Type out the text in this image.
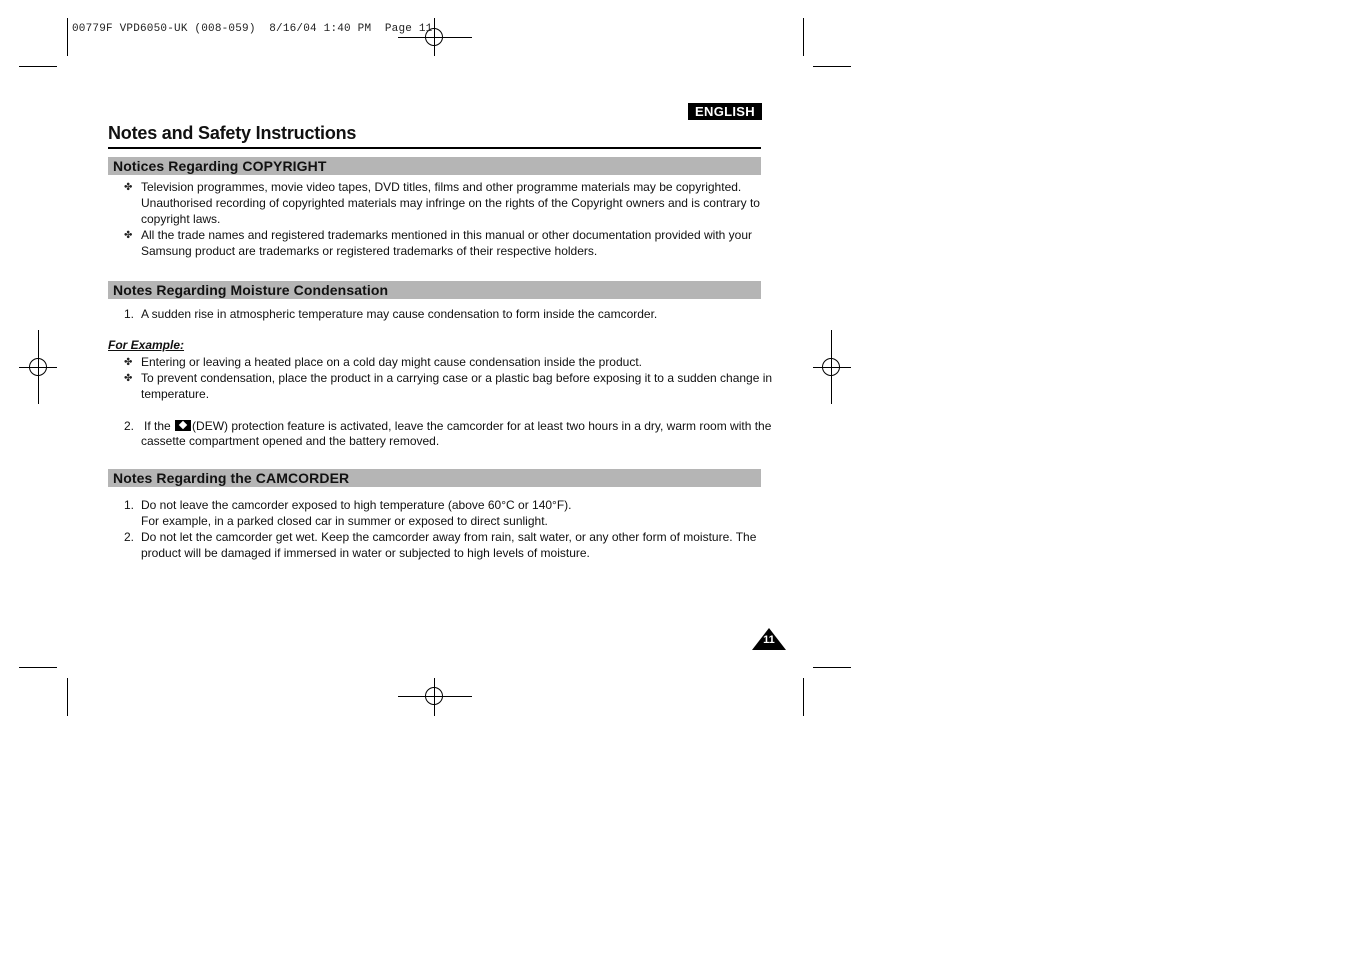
00779F VPD6050-UK (008-059)  8/16/04 1:40 PM  Page 11
ENGLISH
Notes and Safety Instructions
Notices Regarding COPYRIGHT
✤ Television programmes, movie video tapes, DVD titles, films and other programme materials may be copyrighted.
Unauthorised recording of copyrighted materials may infringe on the rights of the Copyright owners and is contrary to
copyright laws.
✤ All the trade names and registered trademarks mentioned in this manual or other documentation provided with your
Samsung product are trademarks or registered trademarks of their respective holders.
Notes Regarding Moisture Condensation
1. A sudden rise in atmospheric temperature may cause condensation to form inside the camcorder.
For Example:
✤ Entering or leaving a heated place on a cold day might cause condensation inside the product.
✤ To prevent condensation, place the product in a carrying case or a plastic bag before exposing it to a sudden change in
temperature.
2. If the (DEW) protection feature is activated, leave the camcorder for at least two hours in a dry, warm room with the
cassette compartment opened and the battery removed.
Notes Regarding the CAMCORDER
1. Do not leave the camcorder exposed to high temperature (above 60°C or 140°F).
For example, in a parked closed car in summer or exposed to direct sunlight.
2. Do not let the camcorder get wet. Keep the camcorder away from rain, salt water, or any other form of moisture. The
product will be damaged if immersed in water or subjected to high levels of moisture.
11
